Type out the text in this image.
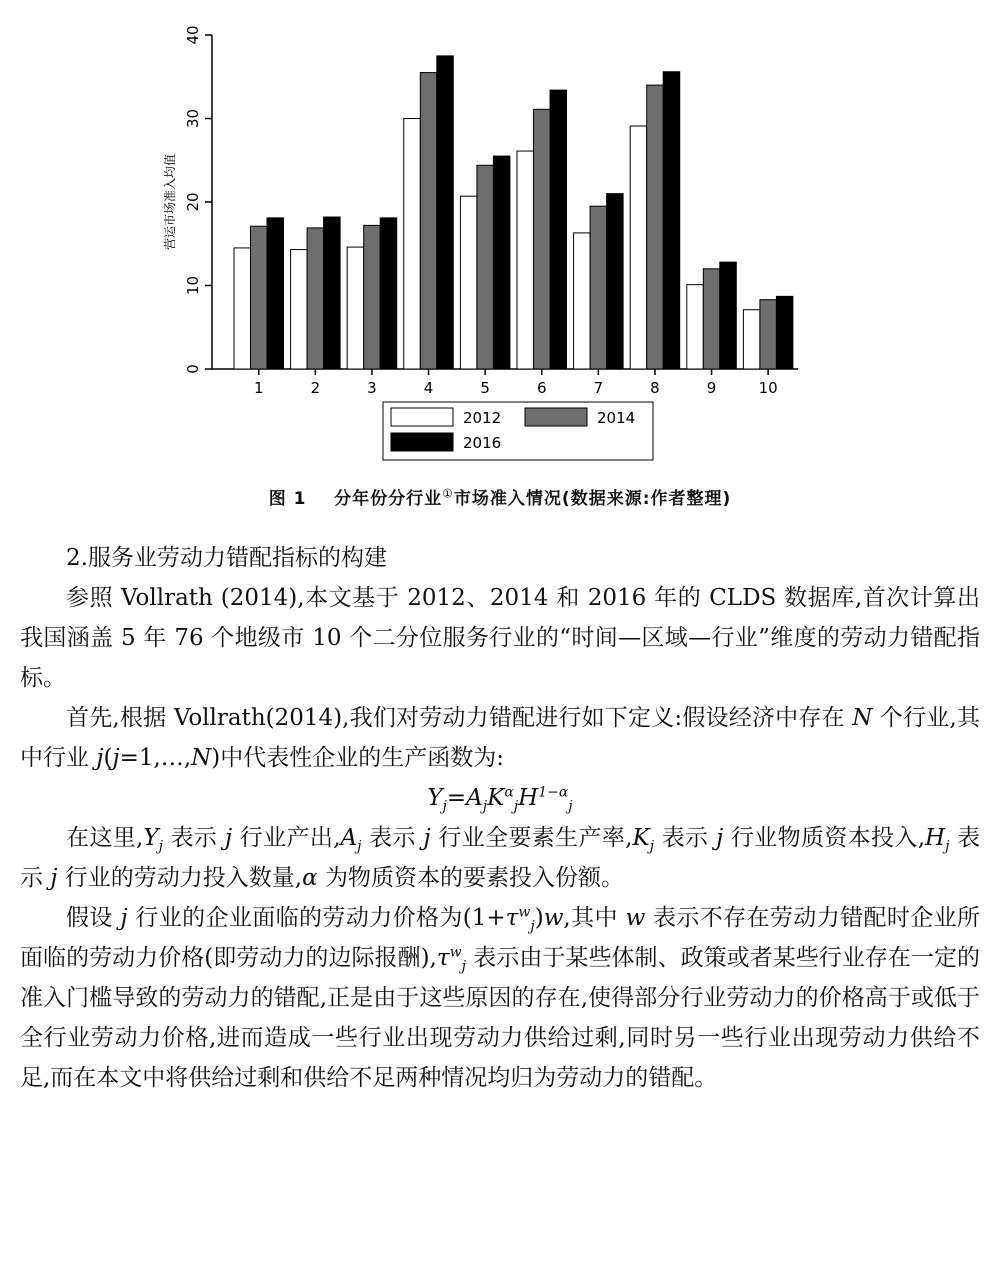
0
10
20
30
40
营运市场准入均值
1	2	3	4	5	6	7	8	9	10
2012	2014
2016
图 1 分年份分行业①市场准入情况(数据来源:作者整理)

2.服务业劳动力错配指标的构建

参照 Vollrath (2014),本文基于 2012、2014 和 2016 年的 CLDS 数据库,首次计算出我国涵盖 5 年 76 个地级市 10 个二分位服务行业的“时间—区域—行业”维度的劳动力错配指标。

首先,根据 Vollrath(2014),我们对劳动力错配进行如下定义:假设经济中存在 N 个行业,其中行业 j(j=1,…,N)中代表性企业的生产函数为:

$Y_j=A_jK^\alpha_jH^{1-\alpha}_j$

在这里$,Y_j$ 表示 j 行业产出$,A_j$ 表示 j 行业全要素生产率$,K_j$ 表示 j 行业物质资本投入$,H_j$ 表示 j 行业的劳动力投入数量,α 为物质资本的要素投入份额。

假设 j 行业的企业面临的劳动力价格为$(1+\tau^w_j)w$,其中 w 表示不存在劳动力错配时企业所面临的劳动力价格(即劳动力的边际报酬)$,\tau^w_j$ 表示由于某些体制、政策或者某些行业存在一定的准入门槛导致的劳动力的错配,正是由于这些原因的存在,使得部分行业劳动力的价格高于或低于全行业劳动力价格,进而造成一些行业出现劳动力供给过剩,同时另一些行业出现劳动力供给不足,而在本文中将供给过剩和供给不足两种情况均归为劳动力的错配。
